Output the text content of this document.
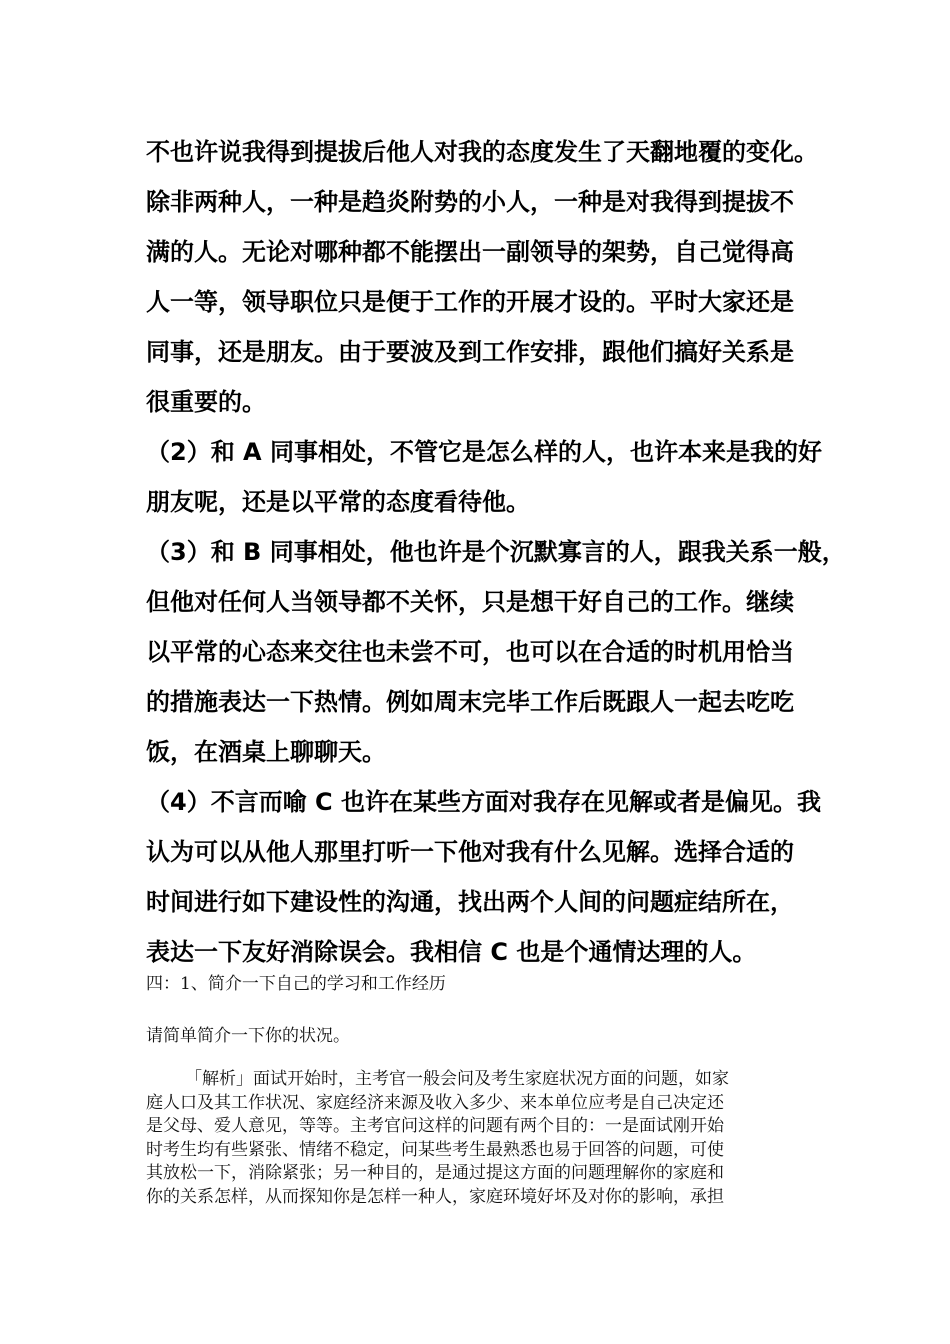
不也许说我得到提拔后他人对我的态度发生了天翻地覆的变化。
除非两种人，一种是趋炎附势的小人，一种是对我得到提拔不
满的人。无论对哪种都不能摆出一副领导的架势，自己觉得高
人一等，领导职位只是便于工作的开展才设的。平时大家还是
同事，还是朋友。由于要波及到工作安排，跟他们搞好关系是
很重要的。
（2）和 A 同事相处，不管它是怎么样的人，也许本来是我的好
朋友呢，还是以平常的态度看待他。
（3）和 B 同事相处，他也许是个沉默寡言的人，跟我关系一般，
但他对任何人当领导都不关怀，只是想干好自己的工作。继续
以平常的心态来交往也未尝不可，也可以在合适的时机用恰当
的措施表达一下热情。例如周末完毕工作后既跟人一起去吃吃
饭，在酒桌上聊聊天。
（4）不言而喻 C 也许在某些方面对我存在见解或者是偏见。我
认为可以从他人那里打听一下他对我有什么见解。选择合适的
时间进行如下建设性的沟通，找出两个人间的问题症结所在，
表达一下友好消除误会。我相信 C 也是个通情达理的人。
四：1、简介一下自己的学习和工作经历
请简单简介一下你的状况。
「解析」面试开始时，主考官一般会问及考生家庭状况方面的问题，如家
庭人口及其工作状况、家庭经济来源及收入多少、来本单位应考是自己决定还
是父母、爱人意见，等等。主考官问这样的问题有两个目的：一是面试刚开始
时考生均有些紧张、情绪不稳定，问某些考生最熟悉也易于回答的问题，可使
其放松一下，消除紧张；另一种目的，是通过提这方面的问题理解你的家庭和
你的关系怎样，从而探知你是怎样一种人，家庭环境好坏及对你的影响，承担
